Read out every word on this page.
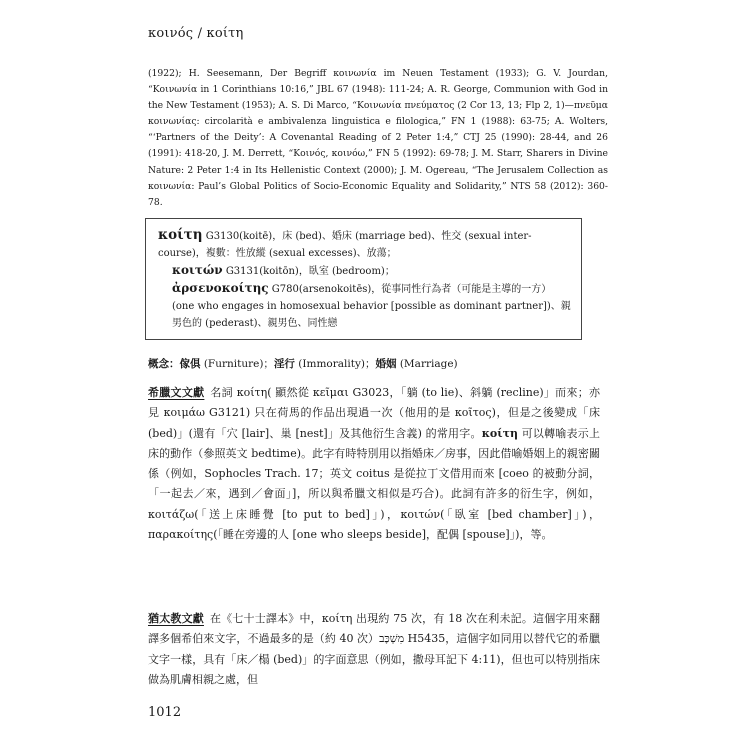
κοινός / κοίτη

(1922); H. Seesemann, Der Begriff κοινωνία im Neuen Testament (1933); G. V. Jourdan, “Κοινωνία in 1 Corinthians 10:16,” JBL 67 (1948): 111-24; A. R. George, Communion with God in the New Testament (1953); A. S. Di Marco, “Κοινωνία πνεύματος (2 Cor 13, 13; Flp 2, 1)—πνεῦμα κοινωνίας: circolarità e ambivalenza linguistica e filologica,” FN 1 (1988): 63-75; A. Wolters, “‘Partners of the Deity’: A Covenantal Reading of 2 Peter 1:4,” CTJ 25 (1990): 28-44, and 26 (1991): 418-20, J. M. Derrett, “Κοινός, κοινόω,” FN 5 (1992): 69-78; J. M. Starr, Sharers in Divine Nature: 2 Peter 1:4 in Its Hellenistic Context (2000); J. M. Ogereau, “The Jerusalem Collection as κοινωνία: Paul’s Global Politics of Socio-Economic Equality and Solidarity,” NTS 58 (2012): 360-78.

κοίτη G3130(koitē)，床 (bed)、婚床 (marriage bed)、性交 (sexual inter-course)，複數：性放縱 (sexual excesses)、放蕩；

κοιτών G3131(koitōn)，臥室 (bedroom)；

ἀρσενοκοίτης G780(arsenokoitēs)，從事同性行為者（可能是主導的一方）(one who engages in homosexual behavior [possible as dominant partner])、親男色的 (pederast)、親男色、同性戀

概念：傢俱 (Furniture)；淫行 (Immorality)；婚姻 (Marriage)

希臘文文獻 名詞 κοίτη( 顯然從 κεῖμαι G3023，「躺 (to lie)、斜躺 (recline)」而來；亦見 κοιμάω G3121) 只在荷馬的作品出現過一次（他用的是 κοῖτος)，但是之後變成「床 (bed)」(還有「穴 [lair]、巢 [nest]」及其他衍生含義) 的常用字。κοίτη 可以轉喻表示上床的動作（參照英文 bedtime)。此字有時特別用以指婚床／房事，因此借喻婚姻上的親密關係（例如，Sophocles Trach. 17；英文 coitus 是從拉丁文借用而來 [coeo 的被動分詞，「一起去／來，遇到／會面」]，所以與希臘文相似是巧合)。此詞有許多的衍生字，例如，κοιτάζω(「送上床睡覺 [to put to bed]」)，κοιτών(「臥室 [bed chamber]」)，παρακοίτης(「睡在旁邊的人 [one who sleeps beside]，配偶 [spouse]」)，等。

猶太教文獻 在《七十士譯本》中，κοίτη 出現約 75 次，有 18 次在利未記。這個字用來翻譯多個希伯來文字，不過最多的是（約 40 次）מִשְׁכָּב H5435，這個字如同用以替代它的希臘文字一樣，具有「床／榻 (bed)」的字面意思（例如，撒母耳記下 4:11)，但也可以特別指床做為肌膚相親之處，但

1012
